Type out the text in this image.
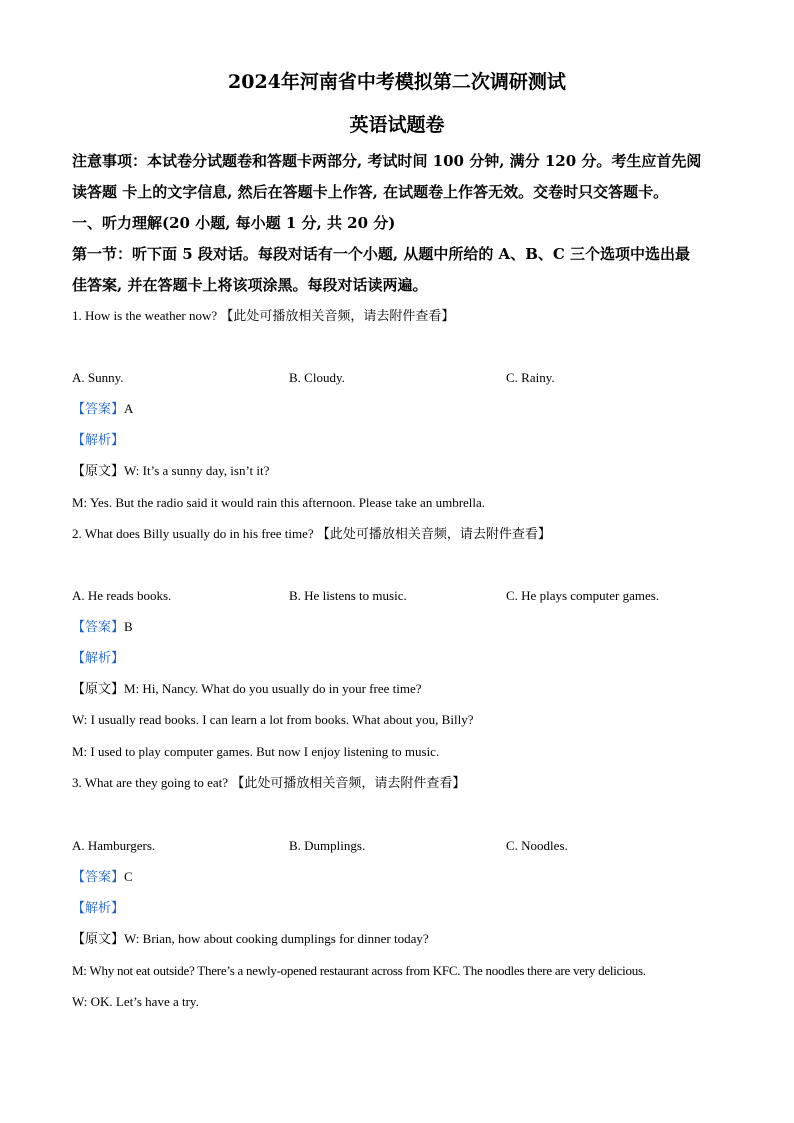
2024年河南省中考模拟第二次调研测试
英语试题卷
注意事项：本试卷分试题卷和答题卡两部分, 考试时间 100 分钟, 满分 120 分。考生应首先阅
读答题 卡上的文字信息, 然后在答题卡上作答, 在试题卷上作答无效。交卷时只交答题卡。
一、听力理解(20 小题, 每小题 1 分, 共 20 分)
第一节：听下面 5 段对话。每段对话有一个小题, 从题中所给的 A、B、C 三个选项中选出最
佳答案, 并在答题卡上将该项涂黑。每段对话读两遍。
1. How is the weather now? 【此处可播放相关音频，请去附件查看】
A. Sunny.	B. Cloudy.	C. Rainy.
【答案】A
【解析】
【原文】W: It’s a sunny day, isn’t it?
M: Yes. But the radio said it would rain this afternoon. Please take an umbrella.
2. What does Billy usually do in his free time? 【此处可播放相关音频，请去附件查看】
A. He reads books.	B. He listens to music.	C. He plays computer games.
【答案】B
【解析】
【原文】M: Hi, Nancy. What do you usually do in your free time?
W: I usually read books. I can learn a lot from books. What about you, Billy?
M: I used to play computer games. But now I enjoy listening to music.
3. What are they going to eat? 【此处可播放相关音频，请去附件查看】
A. Hamburgers.	B. Dumplings.	C. Noodles.
【答案】C
【解析】
【原文】W: Brian, how about cooking dumplings for dinner today?
M: Why not eat outside? There’s a newly-opened restaurant across from KFC. The noodles there are very delicious.
W: OK. Let’s have a try.
